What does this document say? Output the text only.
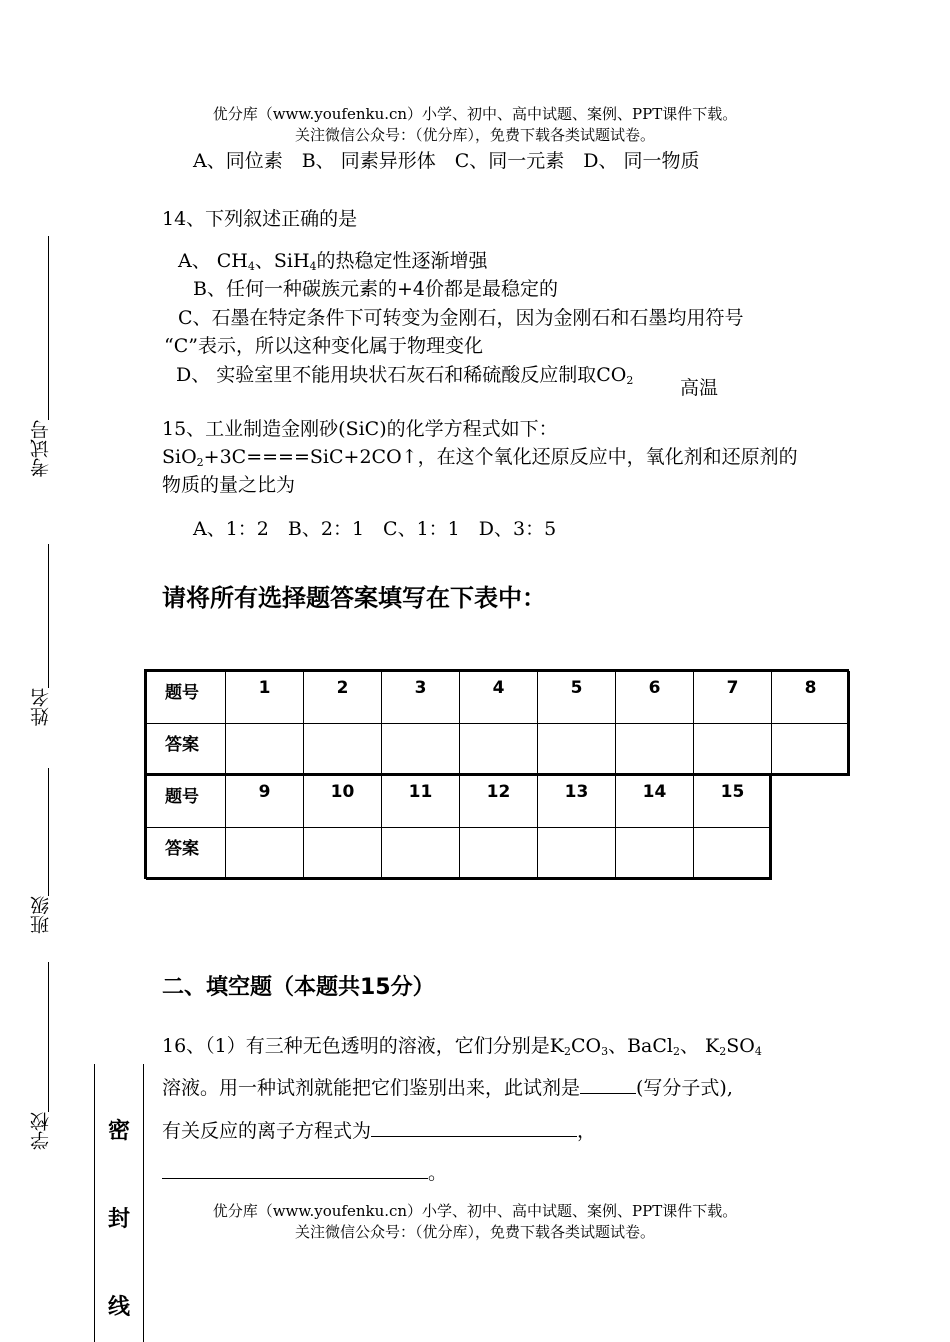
优分库（www.youfenku.cn）小学、初中、高中试题、案例、PPT课件下载。
关注微信公众号：（优分库），免费下载各类试题试卷。
考试号
姓名
班级
学校	密
封
线
A、同位素　B、 同素异形体　C、同一元素　D、 同一物质
14、下列叙述正确的是
A、 $CH_4$、SiH$_4$的热稳定性逐渐增强
B、任何一种碳族元素的+4价都是最稳定的
C、石墨在特定条件下可转变为金刚石，因为金刚石和石墨均用符号
“C”表示，所以这种变化属于物理变化
D、 实验室里不能用块状石灰石和稀硫酸反应制取$CO_2$ 高温
15、工业制造金刚砂(SiC)的化学方程式如下：
SiO$_2$+3C====SiC+2CO↑，在这个氧化还原反应中，氧化剂和还原剂的
物质的量之比为
A、1：2　B、2：1　C、1：1　D、3：5
请将所有选择题答案填写在下表中：
题号	1	2	3	4	5	6	7	8

答案								

题号	9	10	11	12	13	14	15

答案							

二、填空题（本题共15分）
16、（1）有三种无色透明的溶液，它们分别是$K_2CO_3$、BaCl$_2$、 $K_2SO_4$
溶液。用一种试剂就能把它们鉴别出来，此试剂是	(写分子式),
有关反应的离子方程式为	，
。
优分库（www.youfenku.cn）小学、初中、高中试题、案例、PPT课件下载。
关注微信公众号：（优分库），免费下载各类试题试卷。
